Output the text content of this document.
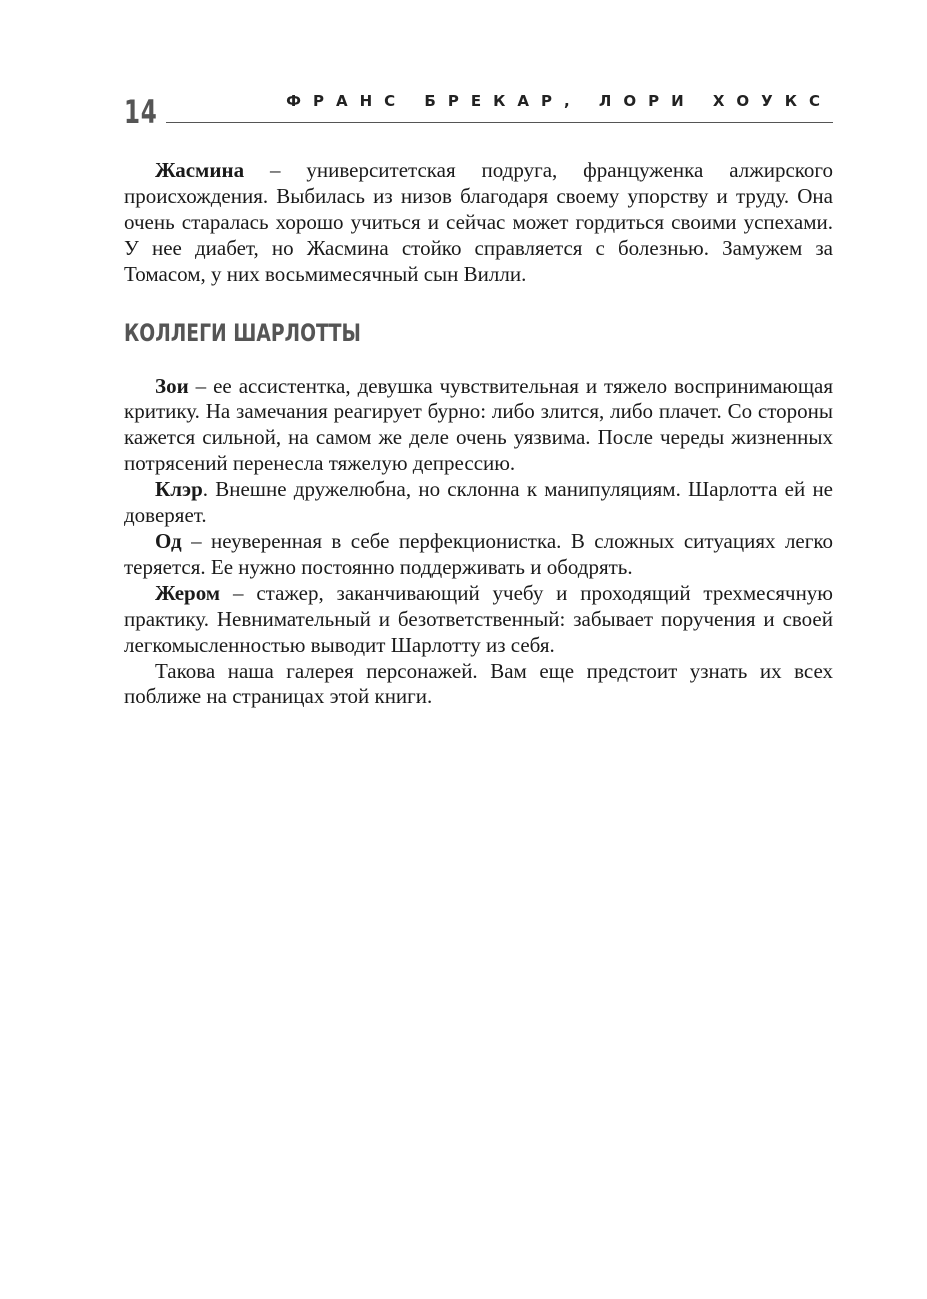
14	ФРАНС БРЕКАР, ЛОРИ ХОУКС

Жасмина – университетская подруга, француженка алжирского происхождения. Выбилась из низов благодаря своему упорству и труду. Она очень старалась хорошо учиться и сейчас может гордиться своими успехами. У нее диабет, но Жасмина стойко справляется с болезнью. Замужем за Томасом, у них восьмимесячный сын Вилли.

КОЛЛЕГИ ШАРЛОТТЫ

Зои – ее ассистентка, девушка чувствительная и тяжело воспринимающая критику. На замечания реагирует бурно: либо злится, либо плачет. Со стороны кажется сильной, на самом же деле очень уязвима. После череды жизненных потрясений перенесла тяжелую депрессию.

Клэр. Внешне дружелюбна, но склонна к манипуляциям. Шарлотта ей не доверяет.

Од – неуверенная в себе перфекционистка. В сложных ситуациях легко теряется. Ее нужно постоянно поддерживать и ободрять.

Жером – стажер, заканчивающий учебу и проходящий трехмесячную практику. Невнимательный и безответственный: забывает поручения и своей легкомысленностью выводит Шарлотту из себя.

Такова наша галерея персонажей. Вам еще предстоит узнать их всех поближе на страницах этой книги.
